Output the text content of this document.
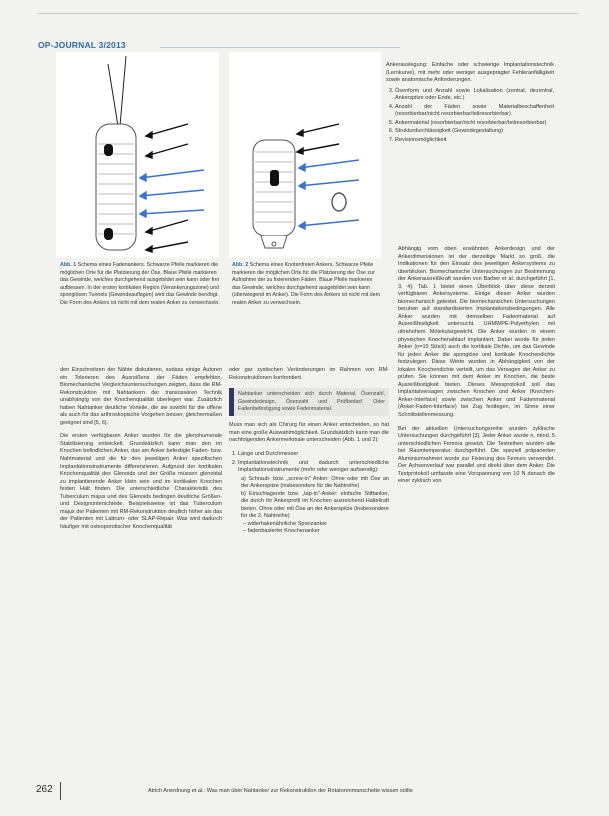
OP-JOURNAL 3/2013
Abb. 1 Schema eines Fadenankers. Schwarze Pfeile markieren die möglichen Orte für die Platzierung der Öse. Blaue Pfeile markieren das Gewinde, welches durchgehend ausgebildet sein kann oder frei aufbessen. In der ersten kortikalen Region (Verankerungszone) und spongiösen Tunnels (Gewindeauflagen) wird das Gewinde benötigt. Die Form des Ankers ist nicht mit dem realen Anker zu verwechseln.
Abb. 2 Schema eines Knotenfreien Ankers. Schwarze Pfeile markieren die möglichen Orte für die Platzierung der Öse zur Aufnahme der zu fixierenden Fäden. Blaue Pfeile markieren das Gewinde, welches durchgehend ausgebildet sein kann (überwiegend im Anker). Die Form des Ankers ist nicht mit dem realen Anker zu verwechseln.

Ankerauslegung: Einfache oder schwierige Implantationstechnik (Lernkurve), mit mehr oder weniger ausgeprägter Fehleranfälligkeit sowie anatomische Anforderungen.

3. Ösenform und Anzahl sowie Lokalisation (zentral, dezentral, Ankerspitze oder Ende, etc.)
4. Anzahl der Fäden sowie Materialbeschaffenheit (resorbierbar/nicht resorbierbar/teilresorbierbar)
5. Ankermaterial (resorbierbar/nicht resorbierbar/teilresorbierbar)
6. Strukturdurchlässigkeit (Gewindegestaltung)
7. Revisionsmöglichkeit

Abhängig vom oben erwähnten Ankerdesign und der Ankerdimensionen ist der derzeitige Markt so groß, die Indikationen für den Einsatz des jeweiligen Ankersystems zu überblicken. Biomechanische Untersuchungen zur Bestimmung der Ankerausreißkraft wurden von Barber et al. durchgeführt [1, 3, 4]. Tab. 1 bietet einen Überblick über diese derzeit verfügbaren Ankersysteme. Einige dieser Anker wurden biomechanisch getestet. Die biomechanischen Untersuchungen beruhen auf standardisierten Implantationsbedingungen. Alle Anker wurden mit demselben Fadenmaterial auf Ausreißfestigkeit untersucht. UHMWPE-Polyethylen mit ultrahohem Molekulargewicht. Die Anker wurden in einem physischen Knochenablauf implantiert. Dabei wurde für jeden Anker (n=10 Stück) auch die kortikale Dichte, um das Gewinde für jeden Anker die spongiöse und kortikale Knochendichte festzulegen. Diese Werte wurden in Abhängigkeit von der lokalen Knochendichte verteilt, um das Versagen der Anker zu prüfen. Sie können mit dem Anker im Knochen, die beste Ausreißfestigkeit bieten. Dieses Messprotokoll soll das Implantatversagen zwischen Knochen und Anker (Knochen-Anker-Interface) sowie zwischen Anker und Fadenmaterial (Anker-Faden-Interface) bei Zug festlegen, im Sinne einer Schnittstellenmessung.

Bei der aktuellen Untersuchungsreihe wurden zyklische Untersuchungen durchgeführt [3]. Jeder Anker wurde n, mind. 5 unterschiedlichen Femora gesetzt. Die Testreihen wurden alle bei Raumtemperatur durchgeführt. Die speziell präparierten Aluminiumrahmen wurde zur Fixierung des Femurs verwendet. Der Achsenverlauf war parallel und direkt über dem Anker. Die Testprotokoll umfasste eine Vorspannung von 10 N danach die einer zyklisch von

den Einschreitzen der Nähte diskutieren, sodass einige Autoren ein Tolerieren des Ausreißens der Fäden empfehlen. Biomechanische Vergleichsuntersuchungen zeigten, dass die RM-Rekonstruktion mit Nahtankern der transossären Technik unabhängig von der Knochenqualität überlegen war. Zusätzlich haben Nahtanker deutliche Vorteile, die sie sowohl für die offene als auch für das arthroskopische Vorgehen besser, gleichermaßen geeignet sind [5, 6].

Die ersten verfügbaren Anker wurden für die glenohumerale Stabilisierung entwickelt. Grundsätzlich kann man den im Knochen befindlichen Anker, das am Anker befestigte Faden- bzw. Nahtmaterial und die für den jeweiligen Anker spezifischen Implantationsinstrumente differenzieren. Aufgrund der kortikalen Knochenqualität des Glenoids und der Größe müssen glenoidal zu implantierende Anker klein sein und im kortikalen Knochen festen Halt finden. Die unterschiedliche Charakteristik des Tuberculum majus und des Glenoids bedingen deutliche Größen- und Designunterschiede. Beispielsweise ist das Tuberculum majus der Patienten mit RM-Rekonstruktion deutlich höher als das der Patienten mit Labrum- oder SLAP-Repair. Was wird dadurch häufiger mit osteoporotischer Knochenqualität

oder gar zystischen Veränderungen im Rahmen von RM-Rekonstruktionen konfrontiert.

Nahtanker unterscheiden sich durch Material, Ösenzahl, Gewindedesign, Ösenzahl und Prüfbedarf. Oder Fadenbefestigung sowie Fadenmaterial.

Muss man sich als Chirurg für einen Anker entscheiden, so hat man eine große Auswahlmöglichkeit. Grundsätzlich kann man die nachfolgenden Ankermerkmale unterscheiden (Abb. 1 und 2):

1. Länge und Durchmesser
2. Implantationstechnik und dadurch unterschiedliche Implantationsinstrumente (mehr oder weniger aufwendig):
a) Schraub- bzw. „screw-in" Anker: Ohne oder mit Öse an der Ankerspitze (insbesondere für die Nahtreihe)
b) Einschlagende bzw. „tap-in"-Anker: einfache Stiftanker, die durch ihr Ankerprofil im Knochen ausreichend Halteliraft bieten. Ohne oder mit Öse an der Ankerspitze (insbesondere für die 2. Nahtreihe)
– widerhakenähnliche Spreizanker
– fadenbasierter Knochenanker
262	Atrich Anerdnung et al.: Was man über Nahtanker zur Rekonstruktion der Rotatorenmanschette wissen sollte
